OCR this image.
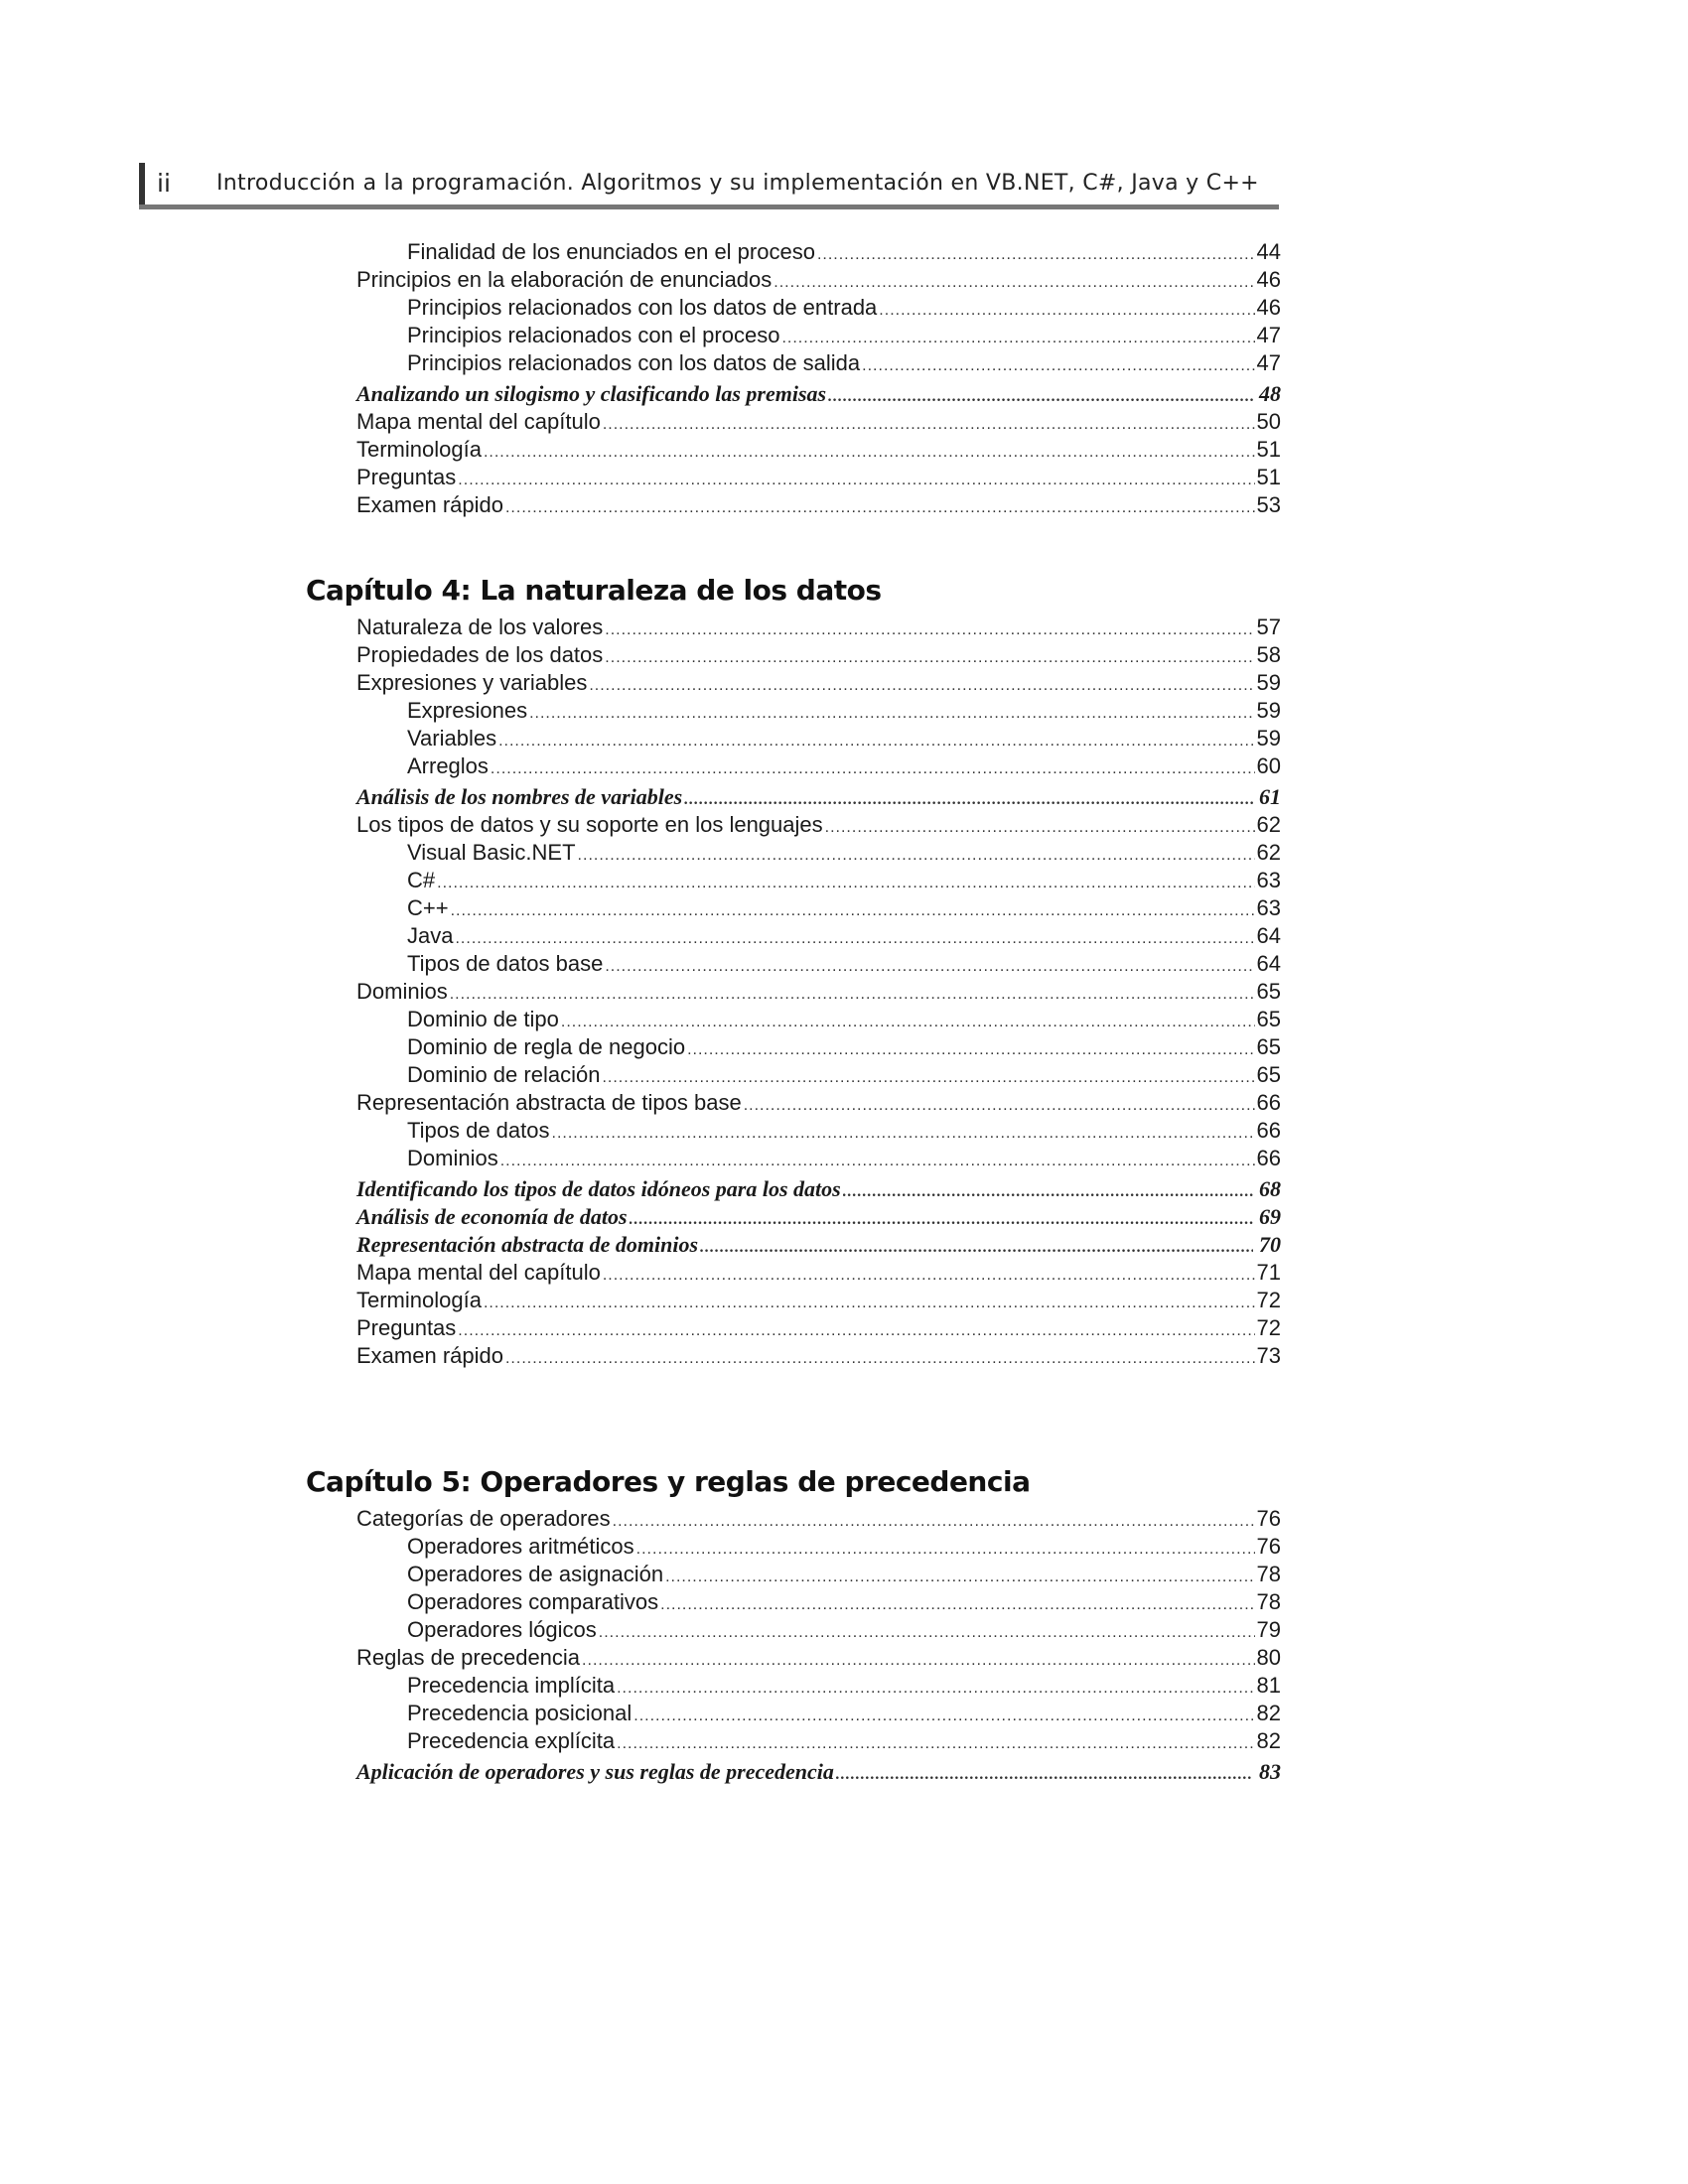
ii Introducción a la programación. Algoritmos y su implementación en VB.NET, C#, Java y C++
Finalidad de los enunciados en el proceso .....	44
Principios en la elaboración de enunciados .....	46
Principios relacionados con los datos de entrada .....	46
Principios relacionados con el proceso .....	47
Principios relacionados con los datos de salida .....	47
Analizando un silogismo y clasificando las premisas .....	48
Mapa mental del capítulo .....	50
Terminología .....	51
Preguntas .....	51
Examen rápido .....	53
Capítulo 4: La naturaleza de los datos
Naturaleza de los valores .....	57
Propiedades de los datos .....	58
Expresiones y variables .....	59
Expresiones .....	59
Variables .....	59
Arreglos .....	60
Análisis de los nombres de variables .....	61
Los tipos de datos y su soporte en los lenguajes .....	62
Visual Basic.NET .....	62
C# .....	63
C++ .....	63
Java .....	64
Tipos de datos base .....	64
Dominios .....	65
Dominio de tipo .....	65
Dominio de regla de negocio .....	65
Dominio de relación .....	65
Representación abstracta de tipos base .....	66
Tipos de datos .....	66
Dominios .....	66
Identificando los tipos de datos idóneos para los datos .....	68
Análisis de economía de datos .....	69
Representación abstracta de dominios .....	70
Mapa mental del capítulo .....	71
Terminología .....	72
Preguntas .....	72
Examen rápido .....	73
Capítulo 5: Operadores y reglas de precedencia
Categorías de operadores .....	76
Operadores aritméticos .....	76
Operadores de asignación .....	78
Operadores comparativos .....	78
Operadores lógicos .....	79
Reglas de precedencia .....	80
Precedencia implícita .....	81
Precedencia posicional .....	82
Precedencia explícita .....	82
Aplicación de operadores y sus reglas de precedencia .....	83
